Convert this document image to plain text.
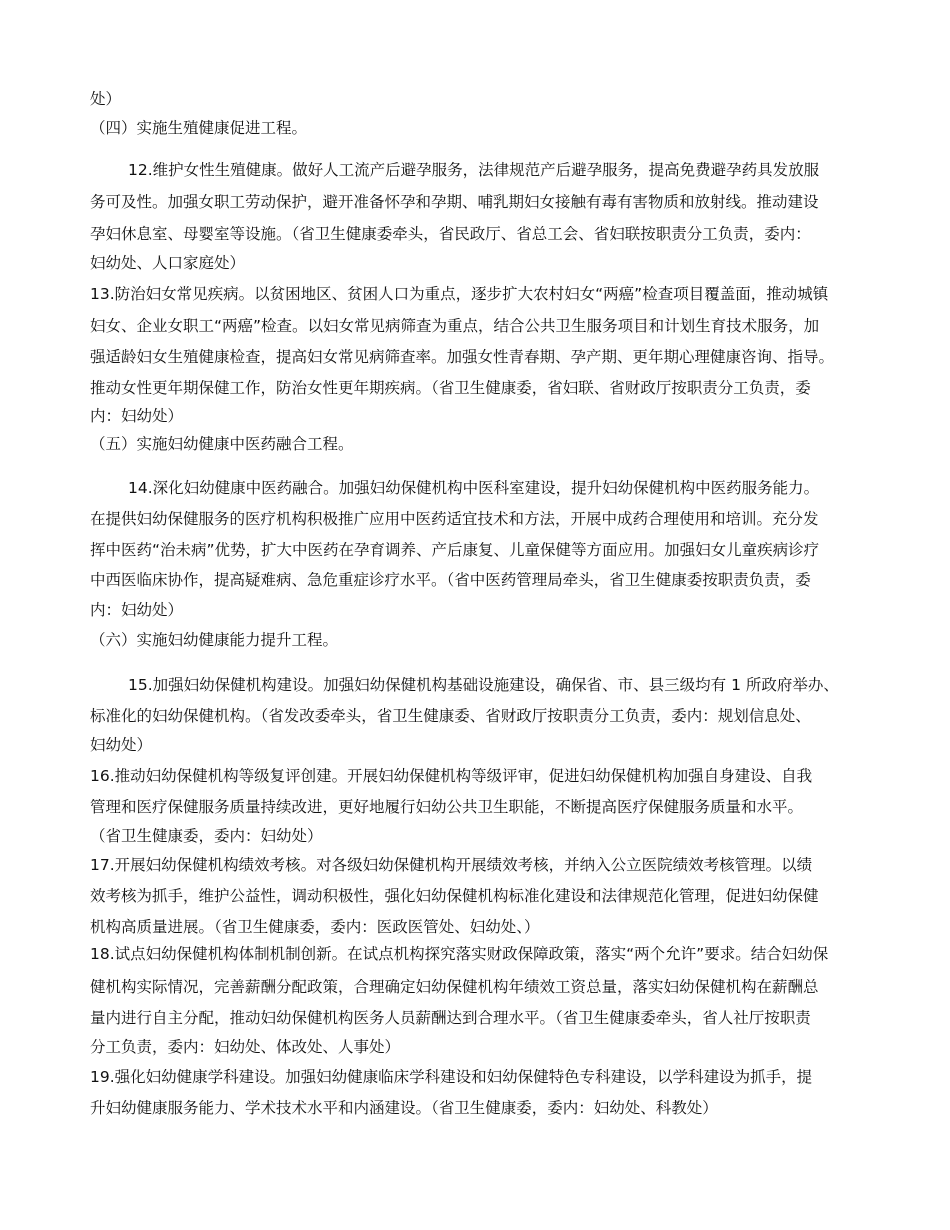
处）
（四）实施生殖健康促进工程。
12.维护女性生殖健康。做好人工流产后避孕服务，法律规范产后避孕服务，提高免费避孕药具发放服
务可及性。加强女职工劳动保护，避开准备怀孕和孕期、哺乳期妇女接触有毒有害物质和放射线。推动建设
孕妇休息室、母婴室等设施。（省卫生健康委牵头，省民政厅、省总工会、省妇联按职责分工负责，委内：
妇幼处、人口家庭处）
13.防治妇女常见疾病。以贫困地区、贫困人口为重点，逐步扩大农村妇女“两癌”检查项目覆盖面，推动城镇
妇女、企业女职工“两癌”检查。以妇女常见病筛查为重点，结合公共卫生服务项目和计划生育技术服务，加
强适龄妇女生殖健康检查，提高妇女常见病筛查率。加强女性青春期、孕产期、更年期心理健康咨询、指导。
推动女性更年期保健工作，防治女性更年期疾病。（省卫生健康委，省妇联、省财政厅按职责分工负责，委
内：妇幼处）
（五）实施妇幼健康中医药融合工程。
14.深化妇幼健康中医药融合。加强妇幼保健机构中医科室建设，提升妇幼保健机构中医药服务能力。
在提供妇幼保健服务的医疗机构积极推广应用中医药适宜技术和方法，开展中成药合理使用和培训。充分发
挥中医药“治未病”优势，扩大中医药在孕育调养、产后康复、儿童保健等方面应用。加强妇女儿童疾病诊疗
中西医临床协作，提高疑难病、急危重症诊疗水平。（省中医药管理局牵头，省卫生健康委按职责负责，委
内：妇幼处）
（六）实施妇幼健康能力提升工程。
15.加强妇幼保健机构建设。加强妇幼保健机构基础设施建设，确保省、市、县三级均有 1 所政府举办、
标准化的妇幼保健机构。（省发改委牵头，省卫生健康委、省财政厅按职责分工负责，委内：规划信息处、
妇幼处）
16.推动妇幼保健机构等级复评创建。开展妇幼保健机构等级评审，促进妇幼保健机构加强自身建设、自我
管理和医疗保健服务质量持续改进，更好地履行妇幼公共卫生职能，不断提高医疗保健服务质量和水平。
（省卫生健康委，委内：妇幼处）
17.开展妇幼保健机构绩效考核。对各级妇幼保健机构开展绩效考核，并纳入公立医院绩效考核管理。以绩
效考核为抓手，维护公益性，调动积极性，强化妇幼保健机构标准化建设和法律规范化管理，促进妇幼保健
机构高质量进展。（省卫生健康委，委内：医政医管处、妇幼处、）
18.试点妇幼保健机构体制机制创新。在试点机构探究落实财政保障政策，落实“两个允许”要求。结合妇幼保
健机构实际情况，完善薪酬分配政策，合理确定妇幼保健机构年绩效工资总量，落实妇幼保健机构在薪酬总
量内进行自主分配，推动妇幼保健机构医务人员薪酬达到合理水平。（省卫生健康委牵头，省人社厅按职责
分工负责，委内：妇幼处、体改处、人事处）
19.强化妇幼健康学科建设。加强妇幼健康临床学科建设和妇幼保健特色专科建设，以学科建设为抓手，提
升妇幼健康服务能力、学术技术水平和内涵建设。（省卫生健康委，委内：妇幼处、科教处）
